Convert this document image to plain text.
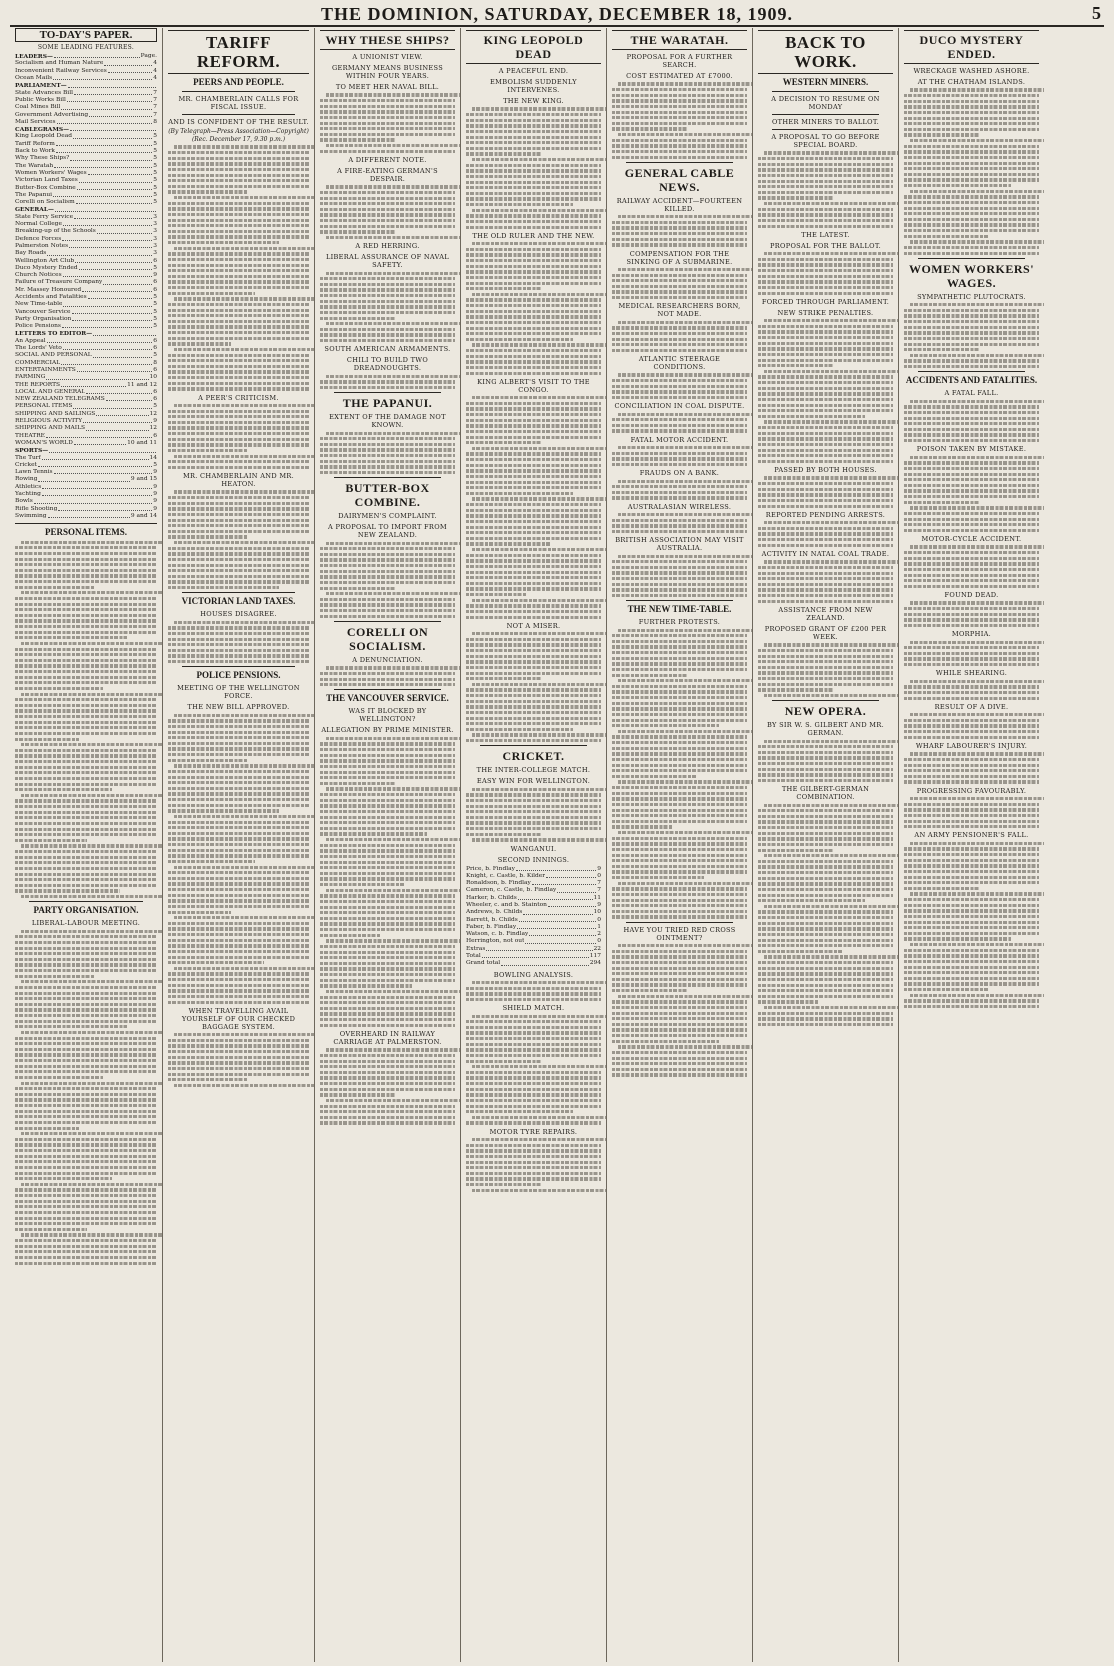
THE DOMINION, SATURDAY, DECEMBER 18, 1909.	5
TO-DAY'S PAPER.
SOME LEADING FEATURES.
LEADERS—	Page.
Socialism and Human Nature	4
Inconvenient Railway Services	4
Ocean Mails	4
PARLIAMENT—
State Advances Bill	7
Public Works Bill	7
Coal Mines Bill	7
Government Advertising	7
Mail Services	8
CABLEGRAMS—
King Leopold Dead	5
Tariff Reform	5
Back to Work	5
Why These Ships?	5
The Waratah	5
Women Workers' Wages	5
Victorian Land Taxes	5
Butter-Box Combine	5
The Papanui	5
Corelli on Socialism	5
GENERAL—
State Ferry Service	3
Normal College	3
Breaking-up of the Schools	3
Defence Forces	3
Palmerston Notes	3
Bay Roads	3
Wellington Art Club	6
Duco Mystery Ended	5
Church Notices	9
Failure of Treasure Company	6
Mr. Massey Honoured	6
Accidents and Fatalities	5
New Time-table	5
Vancouver Service	5
Party Organisation	5
Police Pensions	5
LETTERS TO EDITOR—
An Appeal	6
The Lords' Veto	6
SOCIAL AND PERSONAL	5
COMMERCIAL	8
ENTERTAINMENTS	6
FARMING	10
THE REPORTS	11 and 12
LOCAL AND GENERAL	6
NEW ZEALAND TELEGRAMS	6
PERSONAL ITEMS	5
SHIPPING AND SAILINGS	12
RELIGIOUS ACTIVITY	9
SHIPPING AND MAILS	12
THEATRE	6
WOMAN'S WORLD	10 and 11
SPORTS—
The Turf	14
Cricket	5
Lawn Tennis	9
Rowing	9 and 15
Athletics	9
Yachting	9
Bowls	9
Rifle Shooting	9
Swimming	9 and 14
PERSONAL ITEMS.
PARTY ORGANISATION.
LIBERAL-LABOUR MEETING.
TARIFF REFORM.
PEERS AND PEOPLE.
MR. CHAMBERLAIN CALLS FOR FISCAL ISSUE.
AND IS CONFIDENT OF THE RESULT.
(By Telegraph—Press Association—Copyright)
(Rec. December 17, 9.30 p.m.)
A PEER'S CRITICISM.
MR. CHAMBERLAIN AND MR. HEATON.
VICTORIAN LAND TAXES.
HOUSES DISAGREE.
POLICE PENSIONS.
MEETING OF THE WELLINGTON FORCE.
THE NEW BILL APPROVED.
WHEN TRAVELLING AVAIL YOURSELF OF OUR CHECKED BAGGAGE SYSTEM.
WHY THESE SHIPS?
A UNIONIST VIEW.
GERMANY MEANS BUSINESS WITHIN FOUR YEARS.
TO MEET HER NAVAL BILL.
A DIFFERENT NOTE.
A FIRE-EATING GERMAN'S DESPAIR.
A RED HERRING.
LIBERAL ASSURANCE OF NAVAL SAFETY.
SOUTH AMERICAN ARMAMENTS.
CHILI TO BUILD TWO DREADNOUGHTS.
THE PAPANUI.
EXTENT OF THE DAMAGE NOT KNOWN.
BUTTER-BOX COMBINE.
DAIRYMEN'S COMPLAINT.
A PROPOSAL TO IMPORT FROM NEW ZEALAND.
CORELLI ON SOCIALISM.
A DENUNCIATION.
THE VANCOUVER SERVICE.
WAS IT BLOCKED BY WELLINGTON?
ALLEGATION BY PRIME MINISTER.
OVERHEARD IN RAILWAY CARRIAGE AT PALMERSTON.
KING LEOPOLD DEAD
A PEACEFUL END.
EMBOLISM SUDDENLY INTERVENES.
THE NEW KING.
THE OLD RULER AND THE NEW.
KING ALBERT'S VISIT TO THE CONGO.
NOT A MISER.
CRICKET.
THE INTER-COLLEGE MATCH.
EASY WIN FOR WELLINGTON.
WANGANUI.
SECOND INNINGS.
Price, b. Findlay	9
Knight, c. Castle, b. Kilder	0
Ronaldson, b. Findlay	7
Cameron, c. Castle, b. Findlay	7
Harker, b. Childs	11
Wheeler, c. and b. Stainton	9
Andrews, b. Childs	10
Barrett, b. Childs	0
Faber, b. Findlay	1
Watson, c. b. Findlay	2
Herrington, not out	0
Extras	22
Total	117
Grand total	294
BOWLING ANALYSIS.
SHIELD MATCH.
MOTOR TYRE REPAIRS.
THE WARATAH.
PROPOSAL FOR A FURTHER SEARCH.
COST ESTIMATED AT £7000.
GENERAL CABLE NEWS.
RAILWAY ACCIDENT—FOURTEEN KILLED.
COMPENSATION FOR THE SINKING OF A SUBMARINE.
MEDICAL RESEARCHERS BORN, NOT MADE.
ATLANTIC STEERAGE CONDITIONS.
CONCILIATION IN COAL DISPUTE.
FATAL MOTOR ACCIDENT.
FRAUDS ON A BANK.
AUSTRALASIAN WIRELESS.
BRITISH ASSOCIATION MAY VISIT AUSTRALIA.
THE NEW TIME-TABLE.
FURTHER PROTESTS.
HAVE YOU TRIED RED CROSS OINTMENT?
BACK TO WORK.
WESTERN MINERS.
A DECISION TO RESUME ON MONDAY
OTHER MINERS TO BALLOT.
A PROPOSAL TO GO BEFORE SPECIAL BOARD.
THE LATEST.
PROPOSAL FOR THE BALLOT.
FORCED THROUGH PARLIAMENT.
NEW STRIKE PENALTIES.
PASSED BY BOTH HOUSES.
REPORTED PENDING ARRESTS.
ACTIVITY IN NATAL COAL TRADE.
ASSISTANCE FROM NEW ZEALAND.
PROPOSED GRANT OF £200 PER WEEK.
NEW OPERA.
BY SIR W. S. GILBERT AND MR. GERMAN.
THE GILBERT-GERMAN COMBINATION.
DUCO MYSTERY ENDED.
WRECKAGE WASHED ASHORE.
AT THE CHATHAM ISLANDS.
WOMEN WORKERS' WAGES.
SYMPATHETIC PLUTOCRATS.
ACCIDENTS AND FATALITIES.
A FATAL FALL.
POISON TAKEN BY MISTAKE.
MOTOR-CYCLE ACCIDENT.
FOUND DEAD.
MORPHIA.
WHILE SHEARING.
RESULT OF A DIVE.
WHARF LABOURER'S INJURY.
PROGRESSING FAVOURABLY.
AN ARMY PENSIONER'S FALL.
